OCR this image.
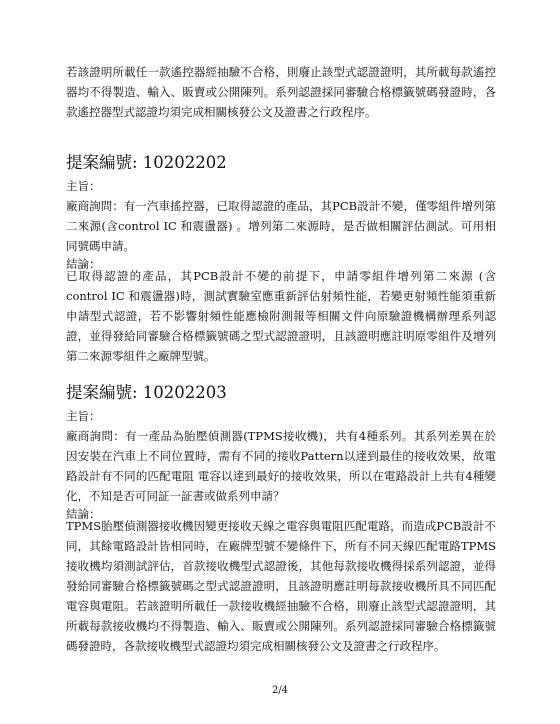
若該證明所載任一款遙控器經抽驗不合格，則廢止該型式認證證明，其所載每款遙控器均不得製造、輸入、販賣或公開陳列。系列認證採同審驗合格標籤號碼發證時，各款遙控器型式認證均須完成相關核發公文及證書之行政程序。

提案編號: 10202202
主旨：

廠商詢問：有一汽車搖控器，已取得認證的產品，其PCB設計不變，僅零組件增列第二來源(含control IC 和震盪器) 。增列第二來源時，是否做相關評估測試。可用相同號碼申請。

結論：

已取得認證的產品，其PCB設計不變的前提下，申請零組件增列第二來源 (含control IC 和震盪器)時，測試實驗室應重新評估射頻性能，若變更射頻性能須重新申請型式認證，若不影響射頻性能應檢附測報等相關文件向原驗證機構辦理系列認證，並得發給同審驗合格標籤號碼之型式認證證明，且該證明應註明原零組件及增列第二來源零組件之廠牌型號。

提案編號: 10202203
主旨：

廠商詢問：有一產品為胎壓偵測器(TPMS接收機)，共有4種系列。其系列差異在於因安裝在汽車上不同位置時，需有不同的接收Pattern以達到最佳的接收效果，故電路設計有不同的匹配電阻 電容以達到最好的接收效果，所以在電路設計上共有4種變化，不知是否可同証一証書或做系列申請？

結論：

TPMS胎壓偵測器接收機因變更接收天線之電容與電阻匹配電路，而造成PCB設計不同，其餘電路設計皆相同時，在廠牌型號不變條件下，所有不同天線匹配電路TPMS接收機均須測試評估，首款接收機型式認證後，其他每款接收機得採系列認證，並得發給同審驗合格標籤號碼之型式認證證明，且該證明應註明每款接收機所具不同匹配電容與電阻。若該證明所載任一款接收機經抽驗不合格，則廢止該型式認證證明，其所載每款接收機均不得製造、輸入、販賣或公開陳列。系列認證採同審驗合格標籤號碼發證時，各款接收機型式認證均須完成相關核發公文及證書之行政程序。

2/4
